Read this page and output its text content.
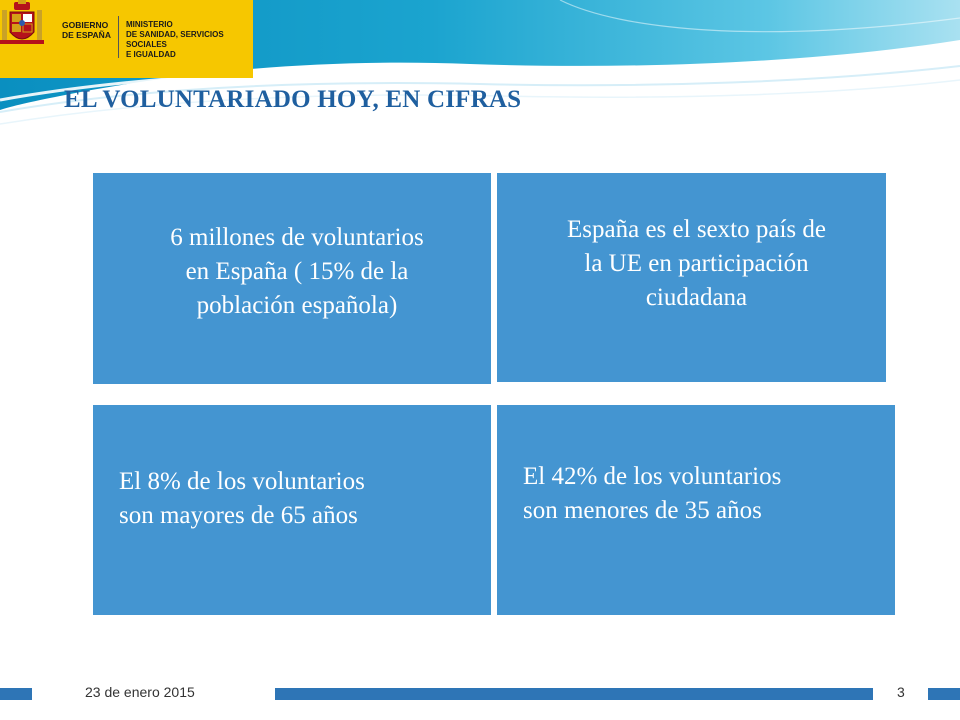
GOBIERNO
DE ESPAÑA
MINISTERIO
DE SANIDAD, SERVICIOS SOCIALES
E IGUALDAD
EL VOLUNTARIADO HOY, EN CIFRAS
6 millones de voluntarios
en España ( 15% de la
población española)
España es el sexto país de
la UE en participación
ciudadana
El 8% de los voluntarios
son mayores de 65 años
El 42% de los voluntarios
son menores de 35 años
23 de enero 2015	3
